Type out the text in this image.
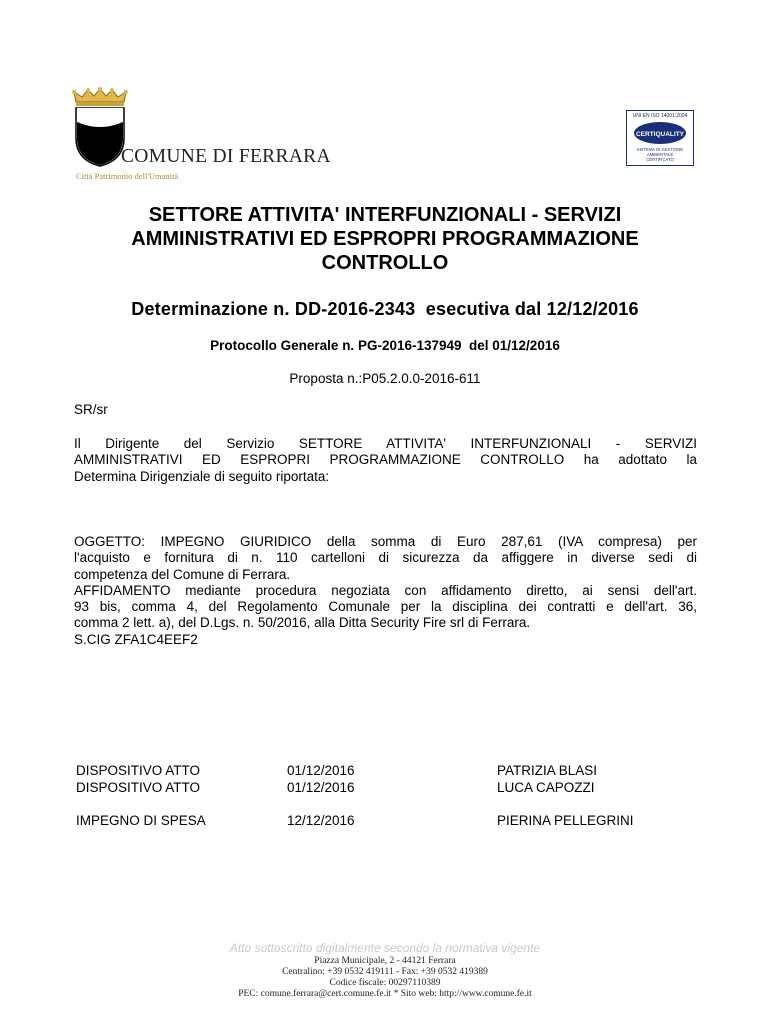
COMUNE DI FERRARA
Città Patrimonio dell'Umanità
UNI EN ISO 14001:2004
CERTIQUALITY
SISTEMA DI GESTIONE AMBIENTALE CERTIFICATO
SETTORE ATTIVITA' INTERFUNZIONALI - SERVIZI
AMMINISTRATIVI ED ESPROPRI PROGRAMMAZIONE
CONTROLLO
Determinazione n. DD-2016-2343  esecutiva dal 12/12/2016
Protocollo Generale n. PG-2016-137949  del 01/12/2016
Proposta n.:P05.2.0.0-2016-611
SR/sr
Il Dirigente del Servizio SETTORE ATTIVITA' INTERFUNZIONALI - SERVIZI
AMMINISTRATIVI ED ESPROPRI PROGRAMMAZIONE CONTROLLO ha adottato la
Determina Dirigenziale di seguito riportata:
OGGETTO: IMPEGNO GIURIDICO della somma di Euro 287,61 (IVA compresa) per
l'acquisto e fornitura di n. 110 cartelloni di sicurezza da affiggere in diverse sedi di
competenza del Comune di Ferrara.
AFFIDAMENTO mediante procedura negoziata con affidamento diretto, ai sensi dell'art.
93 bis, comma 4, del Regolamento Comunale per la disciplina dei contratti e dell'art. 36,
comma 2 lett. a), del D.Lgs. n. 50/2016, alla Ditta Security Fire srl di Ferrara.
S.CIG ZFA1C4EEF2
DISPOSITIVO ATTO	01/12/2016	PATRIZIA BLASI
DISPOSITIVO ATTO	01/12/2016	LUCA CAPOZZI
IMPEGNO DI SPESA	12/12/2016	PIERINA PELLEGRINI
Atto sottoscritto digitalmente secondo la normativa vigente
Piazza Municipale, 2 - 44121 Ferrara
Centralino: +39 0532 419111 - Fax: +39 0532 419389
Codice fiscale: 00297110389
PEC: comune.ferrara@cert.comune.fe.it * Sito web: http://www.comune.fe.it
